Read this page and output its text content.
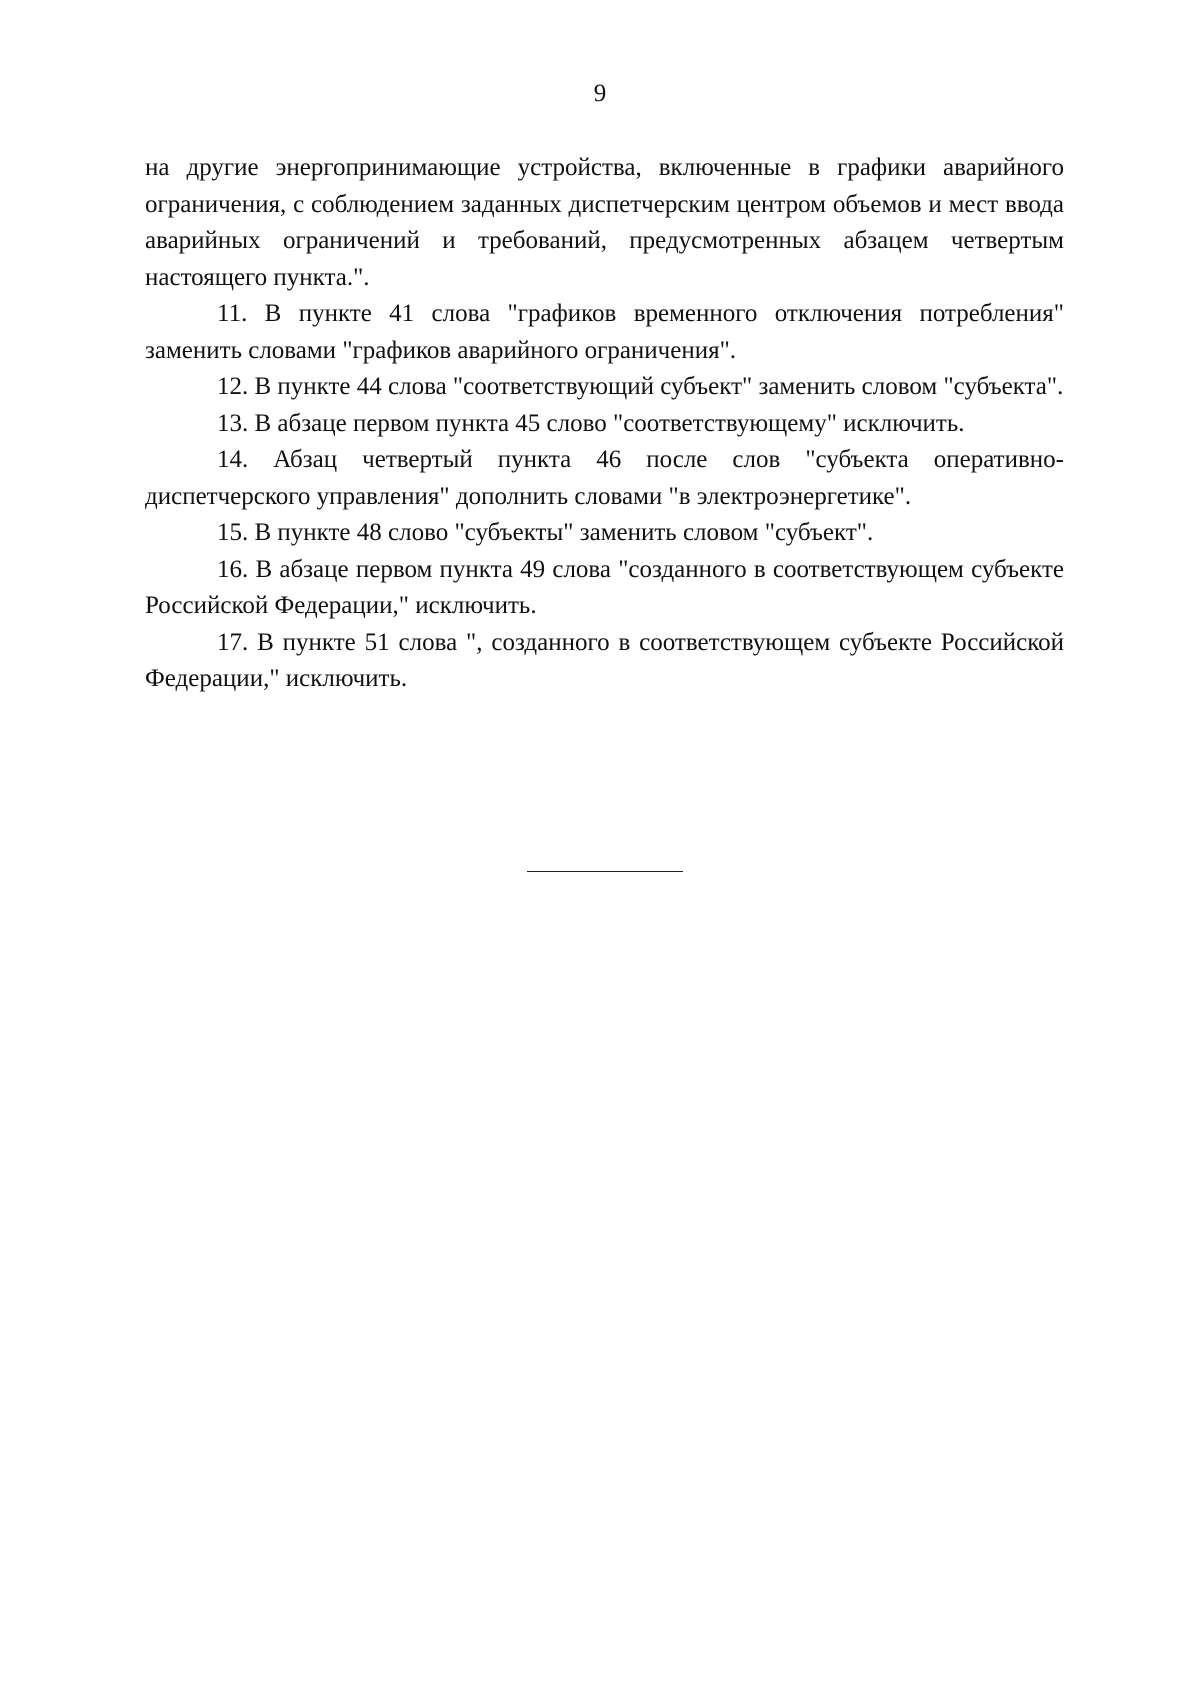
9

на другие энергопринимающие устройства, включенные в графики аварийного ограничения, с соблюдением заданных диспетчерским центром объемов и мест ввода аварийных ограничений и требований, предусмотренных абзацем четвертым настоящего пункта.".

11. В пункте 41 слова "графиков временного отключения потребления" заменить словами "графиков аварийного ограничения".

12. В пункте 44 слова "соответствующий субъект" заменить словом "субъекта".

13. В абзаце первом пункта 45 слово "соответствующему" исключить.

14. Абзац четвертый пункта 46 после слов "субъекта оперативно-диспетчерского управления" дополнить словами "в электроэнергетике".

15. В пункте 48 слово "субъекты" заменить словом "субъект".

16. В абзаце первом пункта 49 слова "созданного в соответствующем субъекте Российской Федерации," исключить.

17. В пункте 51 слова ", созданного в соответствующем субъекте Российской Федерации," исключить.
